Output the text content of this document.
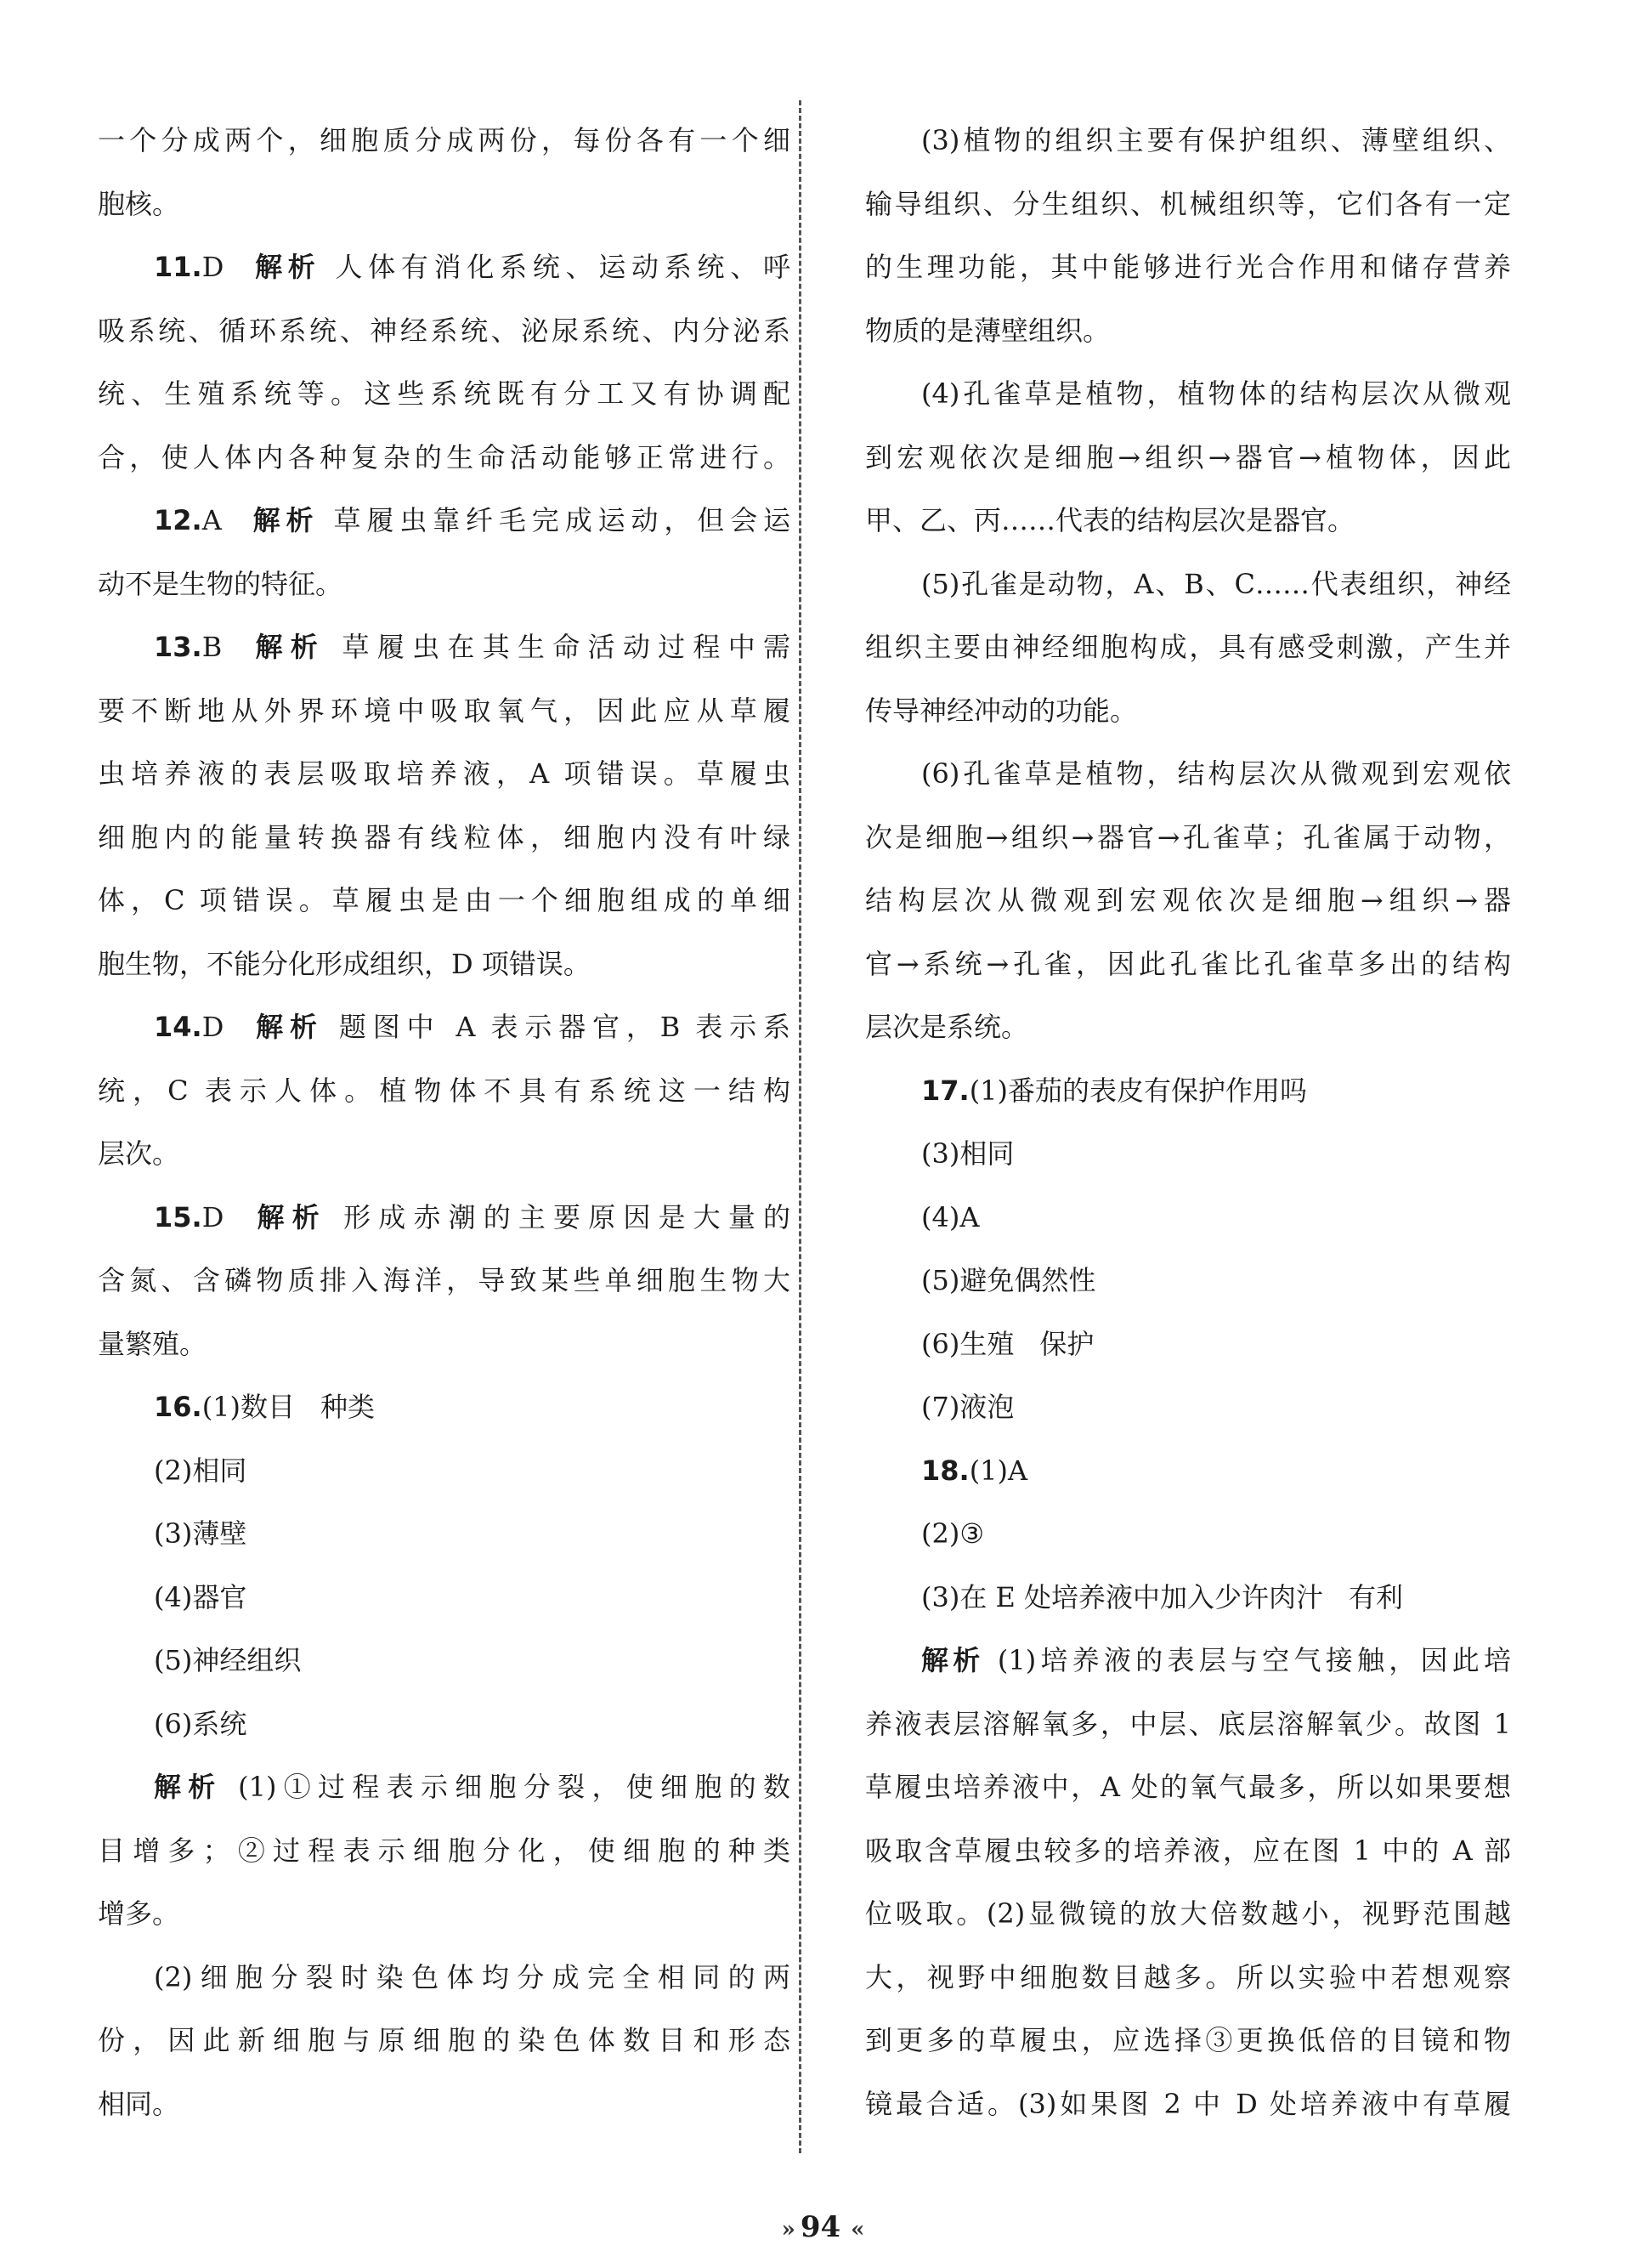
一个分成两个，细胞质分成两份，每份各有一个细

胞核。

11.D 解析 人体有消化系统、运动系统、呼

吸系统、循环系统、神经系统、泌尿系统、内分泌系

统、生殖系统等。这些系统既有分工又有协调配

合，使人体内各种复杂的生命活动能够正常进行。

12.A 解析 草履虫靠纤毛完成运动，但会运

动不是生物的特征。

13.B 解析 草履虫在其生命活动过程中需

要不断地从外界环境中吸取氧气，因此应从草履

虫培养液的表层吸取培养液，A 项错误。草履虫

细胞内的能量转换器有线粒体，细胞内没有叶绿

体，C 项错误。草履虫是由一个细胞组成的单细

胞生物，不能分化形成组织，D 项错误。

14.D 解析 题图中 A 表示器官，B 表示系

统，C 表示人体。植物体不具有系统这一结构

层次。

15.D 解析 形成赤潮的主要原因是大量的

含氮、含磷物质排入海洋，导致某些单细胞生物大

量繁殖。

16.(1)数目 种类

(2)相同

(3)薄壁

(4)器官

(5)神经组织

(6)系统

解析 (1)①过程表示细胞分裂，使细胞的数

目增多；②过程表示细胞分化，使细胞的种类

增多。

(2)细胞分裂时染色体均分成完全相同的两

份，因此新细胞与原细胞的染色体数目和形态

相同。

(3)植物的组织主要有保护组织、薄壁组织、

输导组织、分生组织、机械组织等，它们各有一定

的生理功能，其中能够进行光合作用和储存营养

物质的是薄壁组织。

(4)孔雀草是植物，植物体的结构层次从微观

到宏观依次是细胞→组织→器官→植物体，因此

甲、乙、丙……代表的结构层次是器官。

(5)孔雀是动物，A、B、C……代表组织，神经

组织主要由神经细胞构成，具有感受刺激，产生并

传导神经冲动的功能。

(6)孔雀草是植物，结构层次从微观到宏观依

次是细胞→组织→器官→孔雀草；孔雀属于动物，

结构层次从微观到宏观依次是细胞→组织→器

官→系统→孔雀，因此孔雀比孔雀草多出的结构

层次是系统。

17.(1)番茄的表皮有保护作用吗

(3)相同

(4)A

(5)避免偶然性

(6)生殖 保护

(7)液泡

18.(1)A

(2)③

(3)在 E 处培养液中加入少许肉汁 有利

解析 (1)培养液的表层与空气接触，因此培

养液表层溶解氧多，中层、底层溶解氧少。故图 1

草履虫培养液中，A 处的氧气最多，所以如果要想

吸取含草履虫较多的培养液，应在图 1 中的 A 部

位吸取。(2)显微镜的放大倍数越小，视野范围越

大，视野中细胞数目越多。所以实验中若想观察

到更多的草履虫，应选择③更换低倍的目镜和物

镜最合适。(3)如果图 2 中 D 处培养液中有草履

» 94 «
